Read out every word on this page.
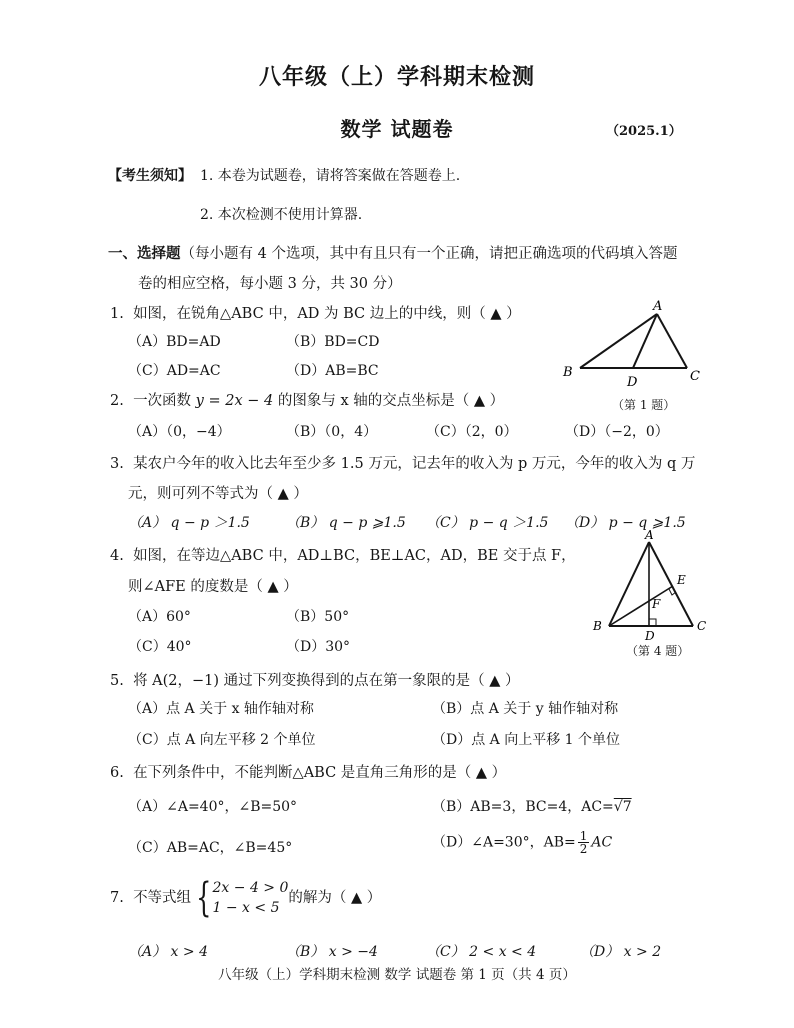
八年级（上）学科期末检测
数学 试题卷	（2025.1）
【考生须知】 1. 本卷为试题卷，请将答案做在答题卷上.
2. 本次检测不使用计算器.
一、选择题（每小题有 4 个选项，其中有且只有一个正确，请把正确选项的代码填入答题
卷的相应空格，每小题 3 分，共 30 分）
1. 如图，在锐角△ABC 中，AD 为 BC 边上的中线，则（ ▲ ）
（A）BD=AD	（B）BD=CD
（C）AD=AC	（D）AB=BC
A
B	C
D
（第 1 题）
2. 一次函数 y = 2x − 4 的图象与 x 轴的交点坐标是（ ▲ ）
（A）（0，−4）	（B）（0，4）	（C）（2，0）	（D）（−2，0）
3. 某农户今年的收入比去年至少多 1.5 万元，记去年的收入为 p 万元，今年的收入为 q 万
元，则可列不等式为（ ▲ ）
（A） q − p ＞1.5	（B） q − p ⩾1.5 （C） p − q ＞1.5 （D） p − q ⩾1.5
4. 如图，在等边△ABC 中，AD⊥BC，BE⊥AC，AD，BE 交于点 F，
则∠AFE 的度数是（ ▲ ）
（A）60°	（B）50°
（C）40°	（D）30°
A
B	C
D
E
F
（第 4 题）
5. 将 A(2，−1) 通过下列变换得到的点在第一象限的是（ ▲ ）
（A）点 A 关于 x 轴作轴对称	（B）点 A 关于 y 轴作轴对称
（C）点 A 向左平移 2 个单位	（D）点 A 向上平移 1 个单位
6. 在下列条件中，不能判断△ABC 是直角三角形的是（ ▲ ）
（A）∠A=40°，∠B=50°	（B）AB=3，BC=4，AC=√7
（C）AB=AC，∠B=45°	（D）∠A=30°，$AB= \frac{1}{2}$ AC
7. 不等式组 { 2x − 4 > 0
1 − x < 5
的解为（ ▲ ）
（A） x > 4	（B） x > −4	（C） 2 < x < 4	（D） x > 2
八年级（上）学科期末检测 数学 试题卷 第 1 页（共 4 页）
